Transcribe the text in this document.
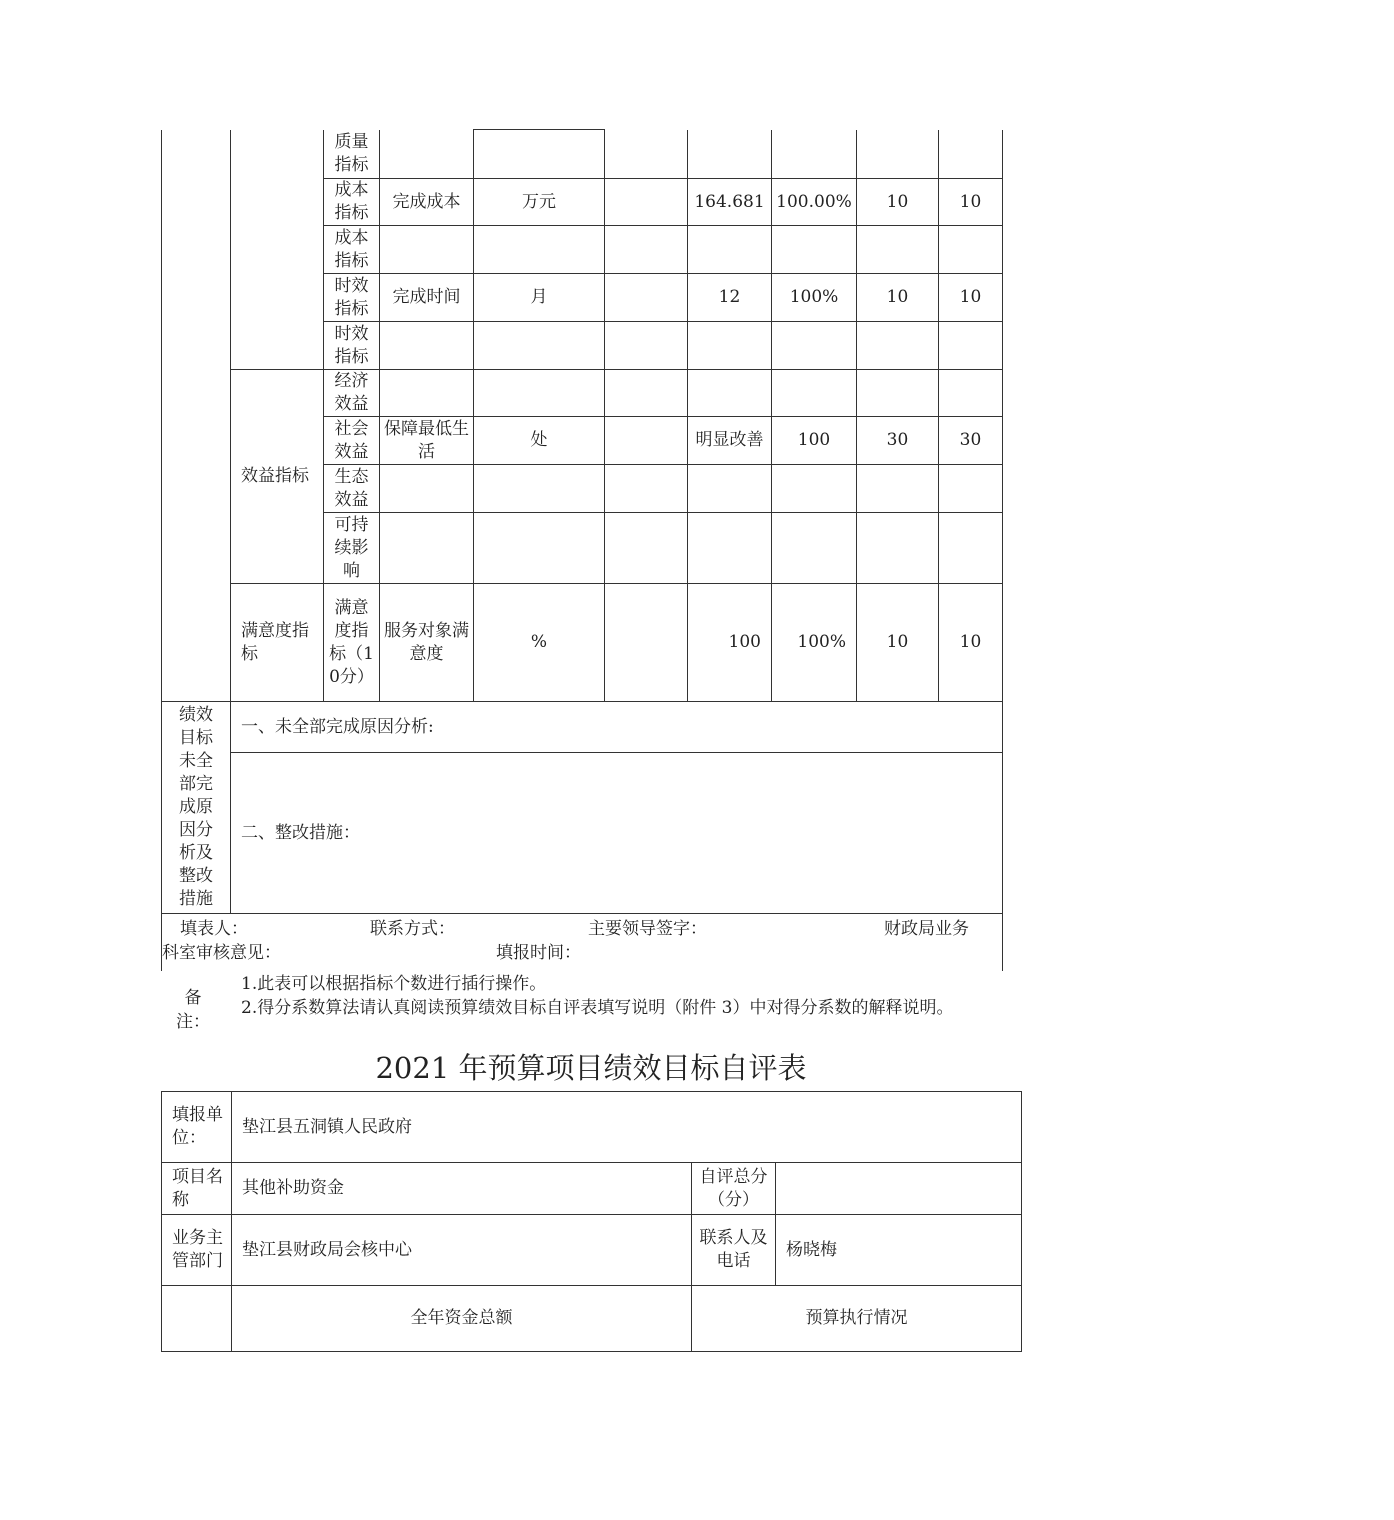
		质量指标							
		成本指标	完成成本	万元		164.681	100.00%	10	10
		成本指标							
		时效指标	完成时间	月		12	100%	10	10
		时效指标							
	效益指标	经济效益							
		社会效益	保障最低生活	处		明显改善	100	30	30
		生态效益							
		可持续影响							
	满意度指标	满意度指标（10分）	服务对象满意度	%		100	100%	10	10
绩效目标未全部完成原因分析及整改措施	一、未全部完成原因分析:
二、整改措施：

填表人：	联系方式：	主要领导签字：	财政局业务
科室审核意见：	填报时间：
备注：
1.此表可以根据指标个数进行插行操作。
2.得分系数算法请认真阅读预算绩效目标自评表填写说明（附件 3）中对得分系数的解释说明。
2021 年预算项目绩效目标自评表
填报单位：	垫江县五洞镇人民政府		
项目名称	其他补助资金	自评总分（分）	
业务主管部门	垫江县财政局会核中心	联系人及电话	杨晓梅
	全年资金总额	预算执行情况	
